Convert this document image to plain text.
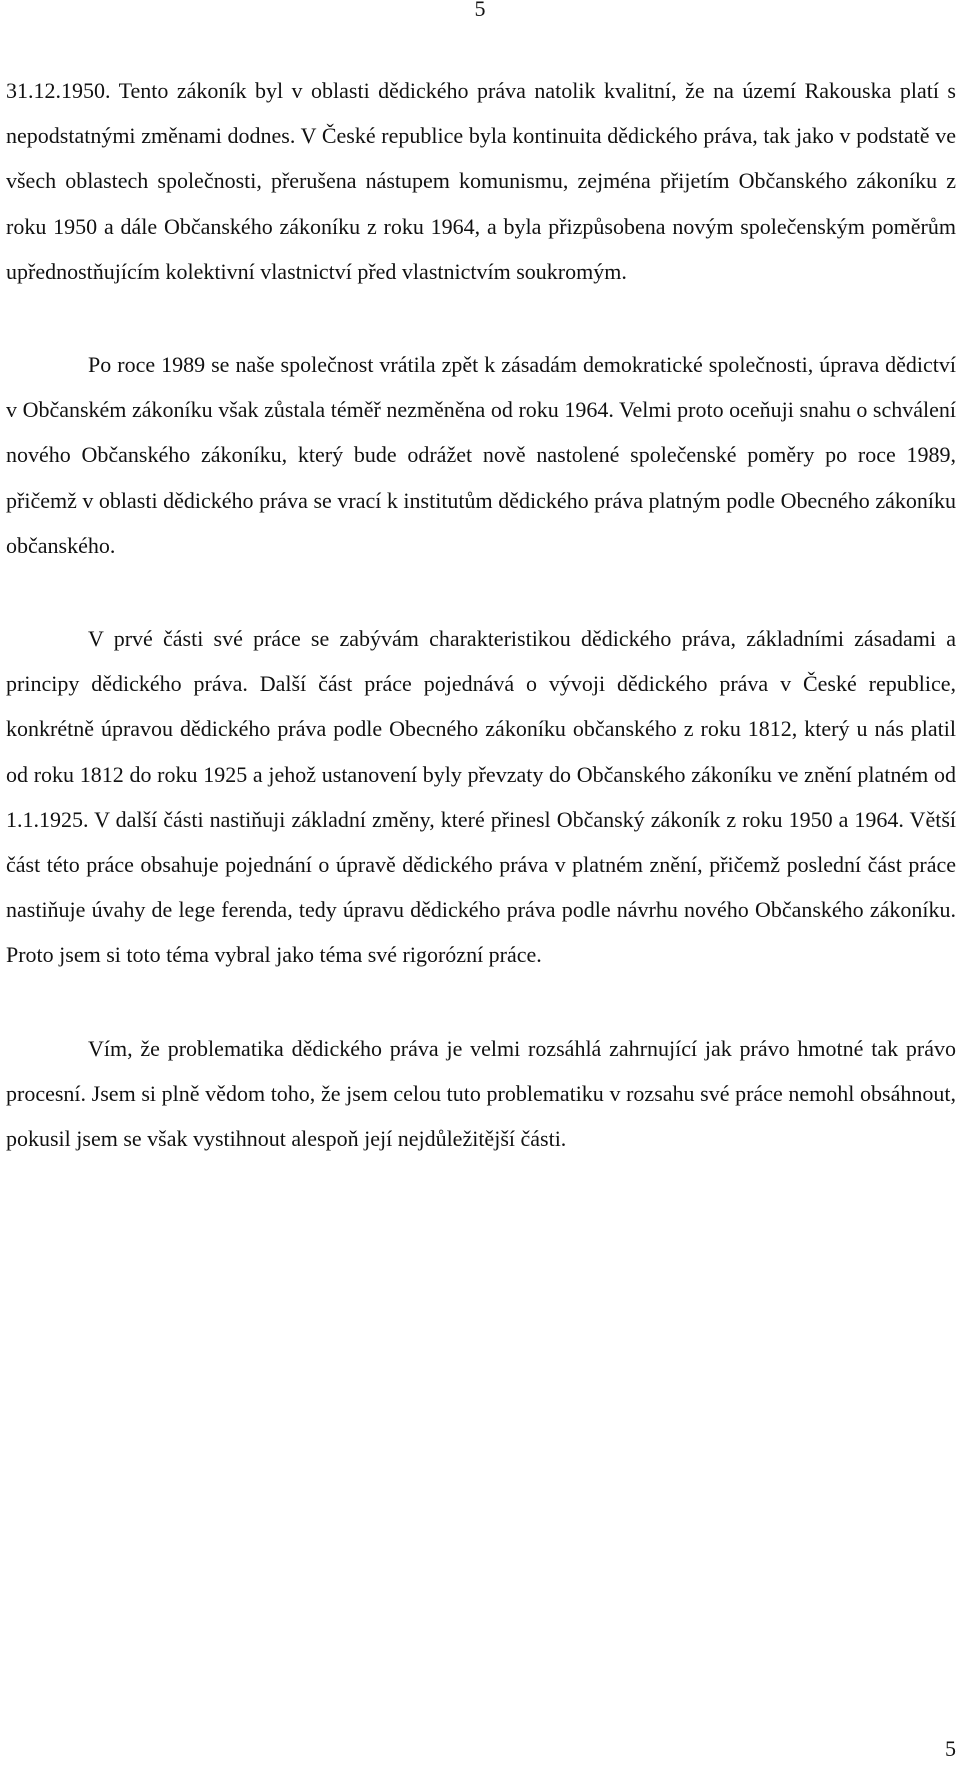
5

31.12.1950. Tento zákoník byl v oblasti dědického práva natolik kvalitní, že na území Rakouska platí s nepodstatnými změnami dodnes. V České republice byla kontinuita dědického práva, tak jako v podstatě ve všech oblastech společnosti, přerušena nástupem komunismu, zejména přijetím Občanského zákoníku z roku 1950 a dále Občanského zákoníku z roku 1964, a byla přizpůsobena novým společenským poměrům upřednostňujícím kolektivní vlastnictví před vlastnictvím soukromým.

Po roce 1989 se naše společnost vrátila zpět k zásadám demokratické společnosti, úprava dědictví v Občanském zákoníku však zůstala téměř nezměněna od roku 1964. Velmi proto oceňuji snahu o schválení nového Občanského zákoníku, který bude odrážet nově nastolené společenské poměry po roce 1989, přičemž v oblasti dědického práva se vrací k institutům dědického práva platným podle Obecného zákoníku občanského.

V prvé části své práce se zabývám charakteristikou dědického práva, základními zásadami a principy dědického práva. Další část práce pojednává o vývoji dědického práva v České republice, konkrétně úpravou dědického práva podle Obecného zákoníku občanského z roku 1812, který u nás platil od roku 1812 do roku 1925 a jehož ustanovení byly převzaty do Občanského zákoníku ve znění platném od 1.1.1925. V další části nastiňuji základní změny, které přinesl Občanský zákoník z roku 1950 a 1964. Větší část této práce obsahuje pojednání o úpravě dědického práva v platném znění, přičemž poslední část práce nastiňuje úvahy de lege ferenda, tedy úpravu dědického práva podle návrhu nového Občanského zákoníku. Proto jsem si toto téma vybral jako téma své rigorózní práce.

Vím, že problematika dědického práva je velmi rozsáhlá zahrnující jak právo hmotné tak právo procesní. Jsem si plně vědom toho, že jsem celou tuto problematiku v rozsahu své práce nemohl obsáhnout, pokusil jsem se však vystihnout alespoň její nejdůležitější části.

5
